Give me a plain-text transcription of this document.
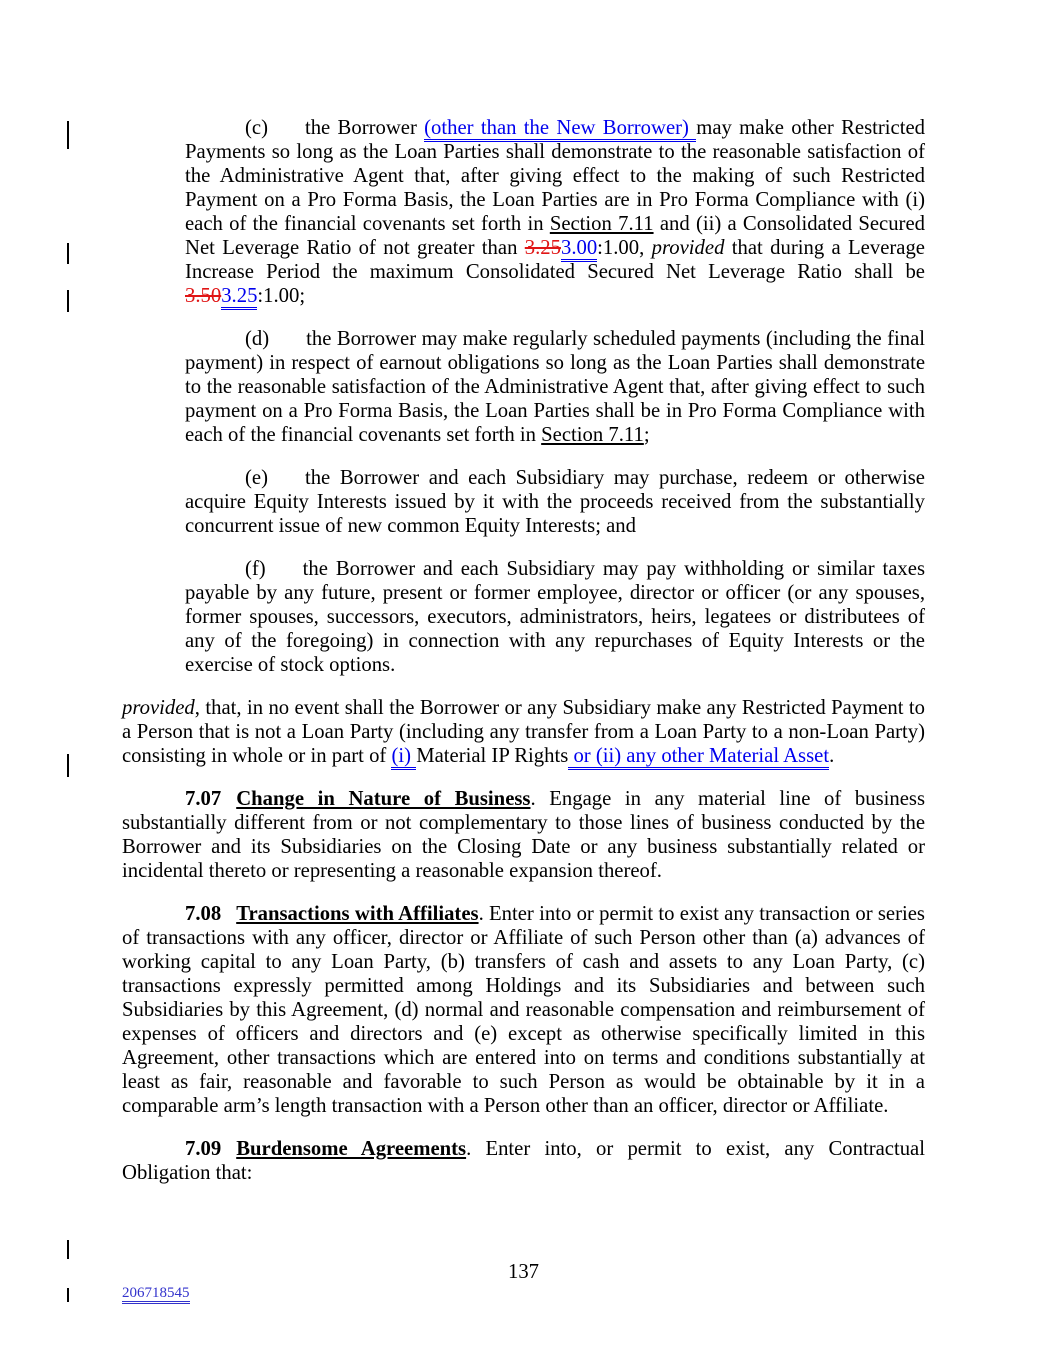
(c) the Borrower (other than the New Borrower) may make other Restricted Payments so long as the Loan Parties shall demonstrate to the reasonable satisfaction of the Administrative Agent that, after giving effect to the making of such Restricted Payment on a Pro Forma Basis, the Loan Parties are in Pro Forma Compliance with (i) each of the financial covenants set forth in Section 7.11 and (ii) a Consolidated Secured Net Leverage Ratio of not greater than 3.253.00:1.00, provided that during a Leverage Increase Period the maximum Consolidated Secured Net Leverage Ratio shall be 3.503.25:1.00;

(d) the Borrower may make regularly scheduled payments (including the final payment) in respect of earnout obligations so long as the Loan Parties shall demonstrate to the reasonable satisfaction of the Administrative Agent that, after giving effect to such payment on a Pro Forma Basis, the Loan Parties shall be in Pro Forma Compliance with each of the financial covenants set forth in Section 7.11;

(e) the Borrower and each Subsidiary may purchase, redeem or otherwise acquire Equity Interests issued by it with the proceeds received from the substantially concurrent issue of new common Equity Interests; and

(f) the Borrower and each Subsidiary may pay withholding or similar taxes payable by any future, present or former employee, director or officer (or any spouses, former spouses, successors, executors, administrators, heirs, legatees or distributees of any of the foregoing) in connection with any repurchases of Equity Interests or the exercise of stock options.

provided, that, in no event shall the Borrower or any Subsidiary make any Restricted Payment to a Person that is not a Loan Party (including any transfer from a Loan Party to a non-Loan Party) consisting in whole or in part of (i) Material IP Rights or (ii) any other Material Asset.

7.07 Change in Nature of Business. Engage in any material line of business substantially different from or not complementary to those lines of business conducted by the Borrower and its Subsidiaries on the Closing Date or any business substantially related or incidental thereto or representing a reasonable expansion thereof.

7.08 Transactions with Affiliates. Enter into or permit to exist any transaction or series of transactions with any officer, director or Affiliate of such Person other than (a) advances of working capital to any Loan Party, (b) transfers of cash and assets to any Loan Party, (c) transactions expressly permitted among Holdings and its Subsidiaries and between such Subsidiaries by this Agreement, (d) normal and reasonable compensation and reimbursement of expenses of officers and directors and (e) except as otherwise specifically limited in this Agreement, other transactions which are entered into on terms and conditions substantially at least as fair, reasonable and favorable to such Person as would be obtainable by it in a comparable arm’s length transaction with a Person other than an officer, director or Affiliate.

7.09 Burdensome Agreements. Enter into, or permit to exist, any Contractual Obligation that:

137
206718545
